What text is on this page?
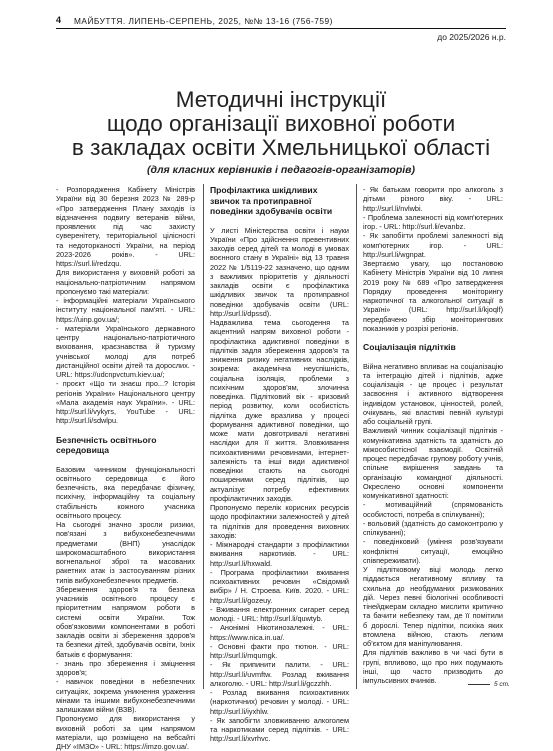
4 МАЙБУТТЯ. ЛИПЕНЬ-СЕРПЕНЬ, 2025, №№ 13-16 (756-759)
до 2025/2026 н.р.
Методичні інструкції
щодо організації виховної роботи
в закладах освіти Хмельницької області
(для класних керівників і педагогів-організаторів)

- Розпорядження Кабінету Міністрів України від 30 березня 2023 № 289-р «Про затвердження Плану заходів із відзначення подвигу ветеранів війни, проявлених під час захисту суверенітету, територіальної цілісності та недоторканості України, на період 2023-2026 років». - URL: https://surl.li/redzqu.

Для використання у виховній роботі за національно-патріотичним напрямом пропонуємо такі матеріали:

- інформаційні матеріали Українського інституту національної пам'яті. - URL: https://uinp.gov.ua/;

- матеріали Українського державного центру національно-патріотичного виховання, краєзнавства й туризму учнівської молоді для потреб дистанційної освіти дітей та дорослих. - URL: https://udcnpvctum.kiev.ua/;

- проєкт «Що ти знаєш про...? Історія регіонів України» Національного центру «Мала академія наук України». - URL: http://surl.li/vykyrs, YouTube - URL: http://surl.li/sdwlpu.

Безпечність освітнього середовища

Базовим чинником функціональності освітнього середовища є його безпечність, яка передбачає фізичну, психічну, інформаційну та соціальну стабільність кожного учасника освітнього процесу.

На сьогодні значно зросли ризики, пов'язані з вибухонебезпечними предметами (ВНП) унаслідок широкомасштабного використання вогнепальної зброї та масованих ракетних атак із застосуванням різних типів вибухонебезпечних предметів.

Збереження здоров'я та безпека учасників освітнього процесу є пріоритетним напрямом роботи в системі освіти України. Тож обов'язковими компонентами в роботі закладів освіти зі збереження здоров'я та безпеки дітей, здобувачів освіти, їхніх батьків є формування:

- знань про збереження і зміцнення здоров'я;

- навичок поведінки в небезпечних ситуаціях, зокрема уникнення ураження мінами та іншими вибухонебезпечними залишками війни (ВЗВ).

Пропонуємо для використання у виховній роботі за цим напрямом матеріали, що розміщено на вебсайті ДНУ «ІМЗО» - URL: https://imzo.gov.ua/.

Профілактика шкідливих звичок та протиправної поведінки здобувачів освіти

У листі Міністерства освіти і науки України «Про здійснення превентивних заходів серед дітей та молоді в умовах воєнного стану в Україні» від 13 травня 2022 № 1/5119-22 зазначено, що одним з важливих пріоритетів у діяльності закладів освіти є профілактика шкідливих звичок та протиправної поведінки здобувачів освіти (URL: http://surl.li/dpssd).

Надважлива тема сьогодення та акцентний напрям виховної роботи - профілактика адиктивної поведінки в підлітків задля збереження здоров'я та зниження ризику негативних наслідків, зокрема: академічна неуспішність, соціальна ізоляція, проблеми з психічним здоров'ям, злочинна поведінка. Підлітковий вік - кризовий період розвитку, коли особистість підлітка дуже вразлива у процесі формування адиктивної поведінки, що може мати довготривалі негативні наслідки для її життя. Зловживання психоактивними речовинами, інтернет-залежність та інші види адиктивної поведінки стають на сьогодні поширеними серед підлітків, що актуалізує потребу ефективних профілактичних заходів.

Пропонуємо перелік корисних ресурсів щодо профілактики залежностей у дітей та підлітків для проведення виховних заходів:

- Міжнародні стандарти з профілактики вживання наркотиків. - URL: http://surl.li/hxwald.

- Програма профілактики вживання психоактивних речовин «Свідомий вибір» / Н. Строева. Київ. 2020. - URL: http://surl.li/gozeuy.

- Вживання електронних сигарет серед молоді. - URL: http://surl.li/quwtyb.

- Анонімні Нікотинозалежні. - URL: https://www.nica.in.ua/.

- Основні факти про тютюн. - URL: http://surl.li/mqumgk.

- Як припинити палити. - URL: http://surl.li/uvmftw. Розлад вживання алкоголю. - URL: http://surl.li/gczzhh.

- Розлад вживання психоактивних (наркотичних) речовин у молоді. - URL: http://surl.li/iyxhlw.

- Як запобігти зловживанню алкоголем та наркотиками серед підлітків. - URL: http://surl.li/xvrhvc.

- Як батькам говорити про алкоголь з дітьми різного віку. - URL: http://surl.li/nvlwbi.

- Проблема залежності від комп'ютерних ігор. - URL: http://surl.li/evanbz.

- Як запобігти проблемі залежності від комп'ютерних ігор. - URL: http://surl.li/wgnpat.

Звертаємо увагу, що постановою Кабінету Міністрів України від 10 липня 2019 року № 689 «Про затвердження Порядку проведення моніторингу наркотичної та алкогольної ситуації в Україні» (URL: http://surl.li/kjoqlf) передбачено збір моніторингових показників у розрізі регіонів.

Соціалізація підлітків

Війна негативно впливає на соціалізацію та інтеграцію дітей і підлітків, адже соціалізація - це процес і результат засвоєння і активного відтворення індивідом установок, цінностей, ролей, очікувань, які властиві певній культурі або соціальній групі.

Важливий чинник соціалізації підлітків - комунікативна здатність та здатність до міжособистісної взаємодії. Освітній процес передбачає групову роботу учнів, спільне вирішення завдань та організацію командної діяльності. Окреслено основні компоненти комунікативної здатності:

- мотиваційний (спрямованість особистості, потреба в спілкуванні);

- вольовий (здатність до самоконтролю у спілкуванні);

- поведінковий (уміння розв'язувати конфліктні ситуації, емоційно співпереживати).

У підлітковому віці молодь легко піддається негативному впливу та схильна до необдуманих ризикованих дій. Через певні біологічні особливості тінейджерам складно мислити критично та бачити небезпеку там, де її помітили б дорослі. Тепер підлітки, психіка яких втомлена війною, стають легким об'єктом для маніпулювання.

Для підлітків важливо в чи часі бути в групі, впливово, що про них подумають інші, що часто призводить до імпульсивних вчинків.	5 ст.
